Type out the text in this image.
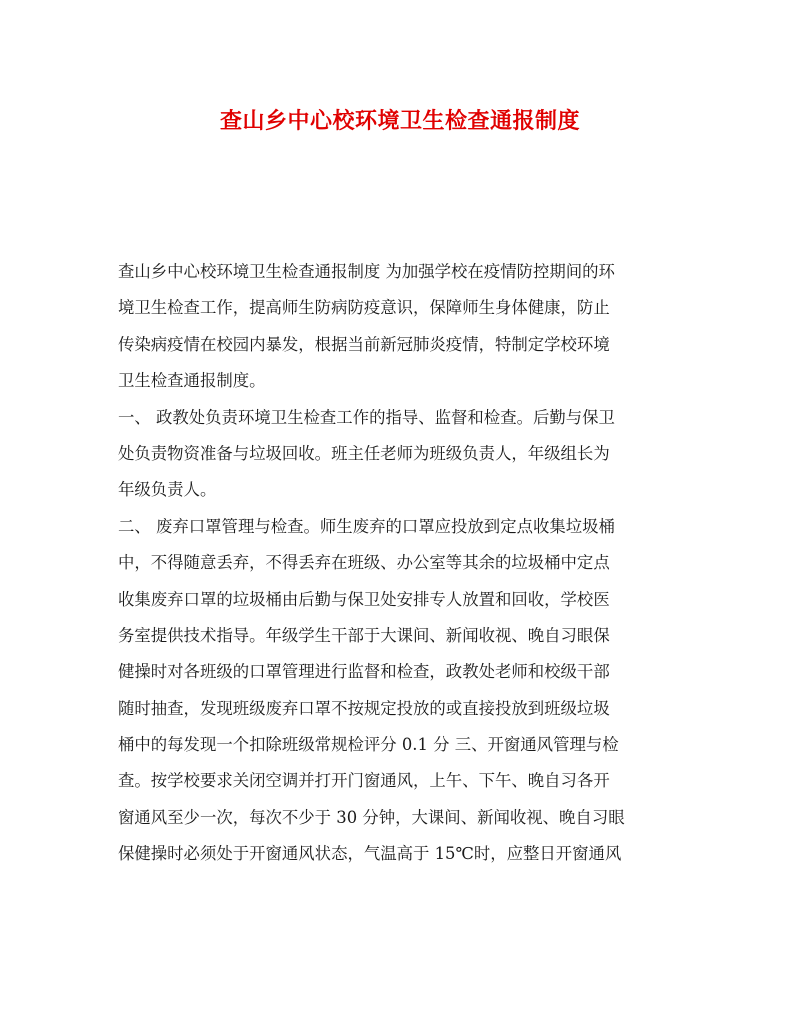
查山乡中心校环境卫生检查通报制度

查山乡中心校环境卫生检查通报制度 为加强学校在疫情防控期间的环

境卫生检查工作，提高师生防病防疫意识，保障师生身体健康，防止

传染病疫情在校园内暴发，根据当前新冠肺炎疫情，特制定学校环境

卫生检查通报制度。

一、 政教处负责环境卫生检查工作的指导、监督和检查。后勤与保卫

处负责物资准备与垃圾回收。班主任老师为班级负责人，年级组长为

年级负责人。

二、 废弃口罩管理与检查。师生废弃的口罩应投放到定点收集垃圾桶

中，不得随意丢弃，不得丢弃在班级、办公室等其余的垃圾桶中定点

收集废弃口罩的垃圾桶由后勤与保卫处安排专人放置和回收，学校医

务室提供技术指导。年级学生干部于大课间、新闻收视、晚自习眼保

健操时对各班级的口罩管理进行监督和检查，政教处老师和校级干部

随时抽查，发现班级废弃口罩不按规定投放的或直接投放到班级垃圾

桶中的每发现一个扣除班级常规检评分 0.1 分 三、开窗通风管理与检

查。按学校要求关闭空调并打开门窗通风，上午、下午、晚自习各开

窗通风至少一次，每次不少于 30 分钟，大课间、新闻收视、晚自习眼

保健操时必须处于开窗通风状态，气温高于 15℃时，应整日开窗通风
